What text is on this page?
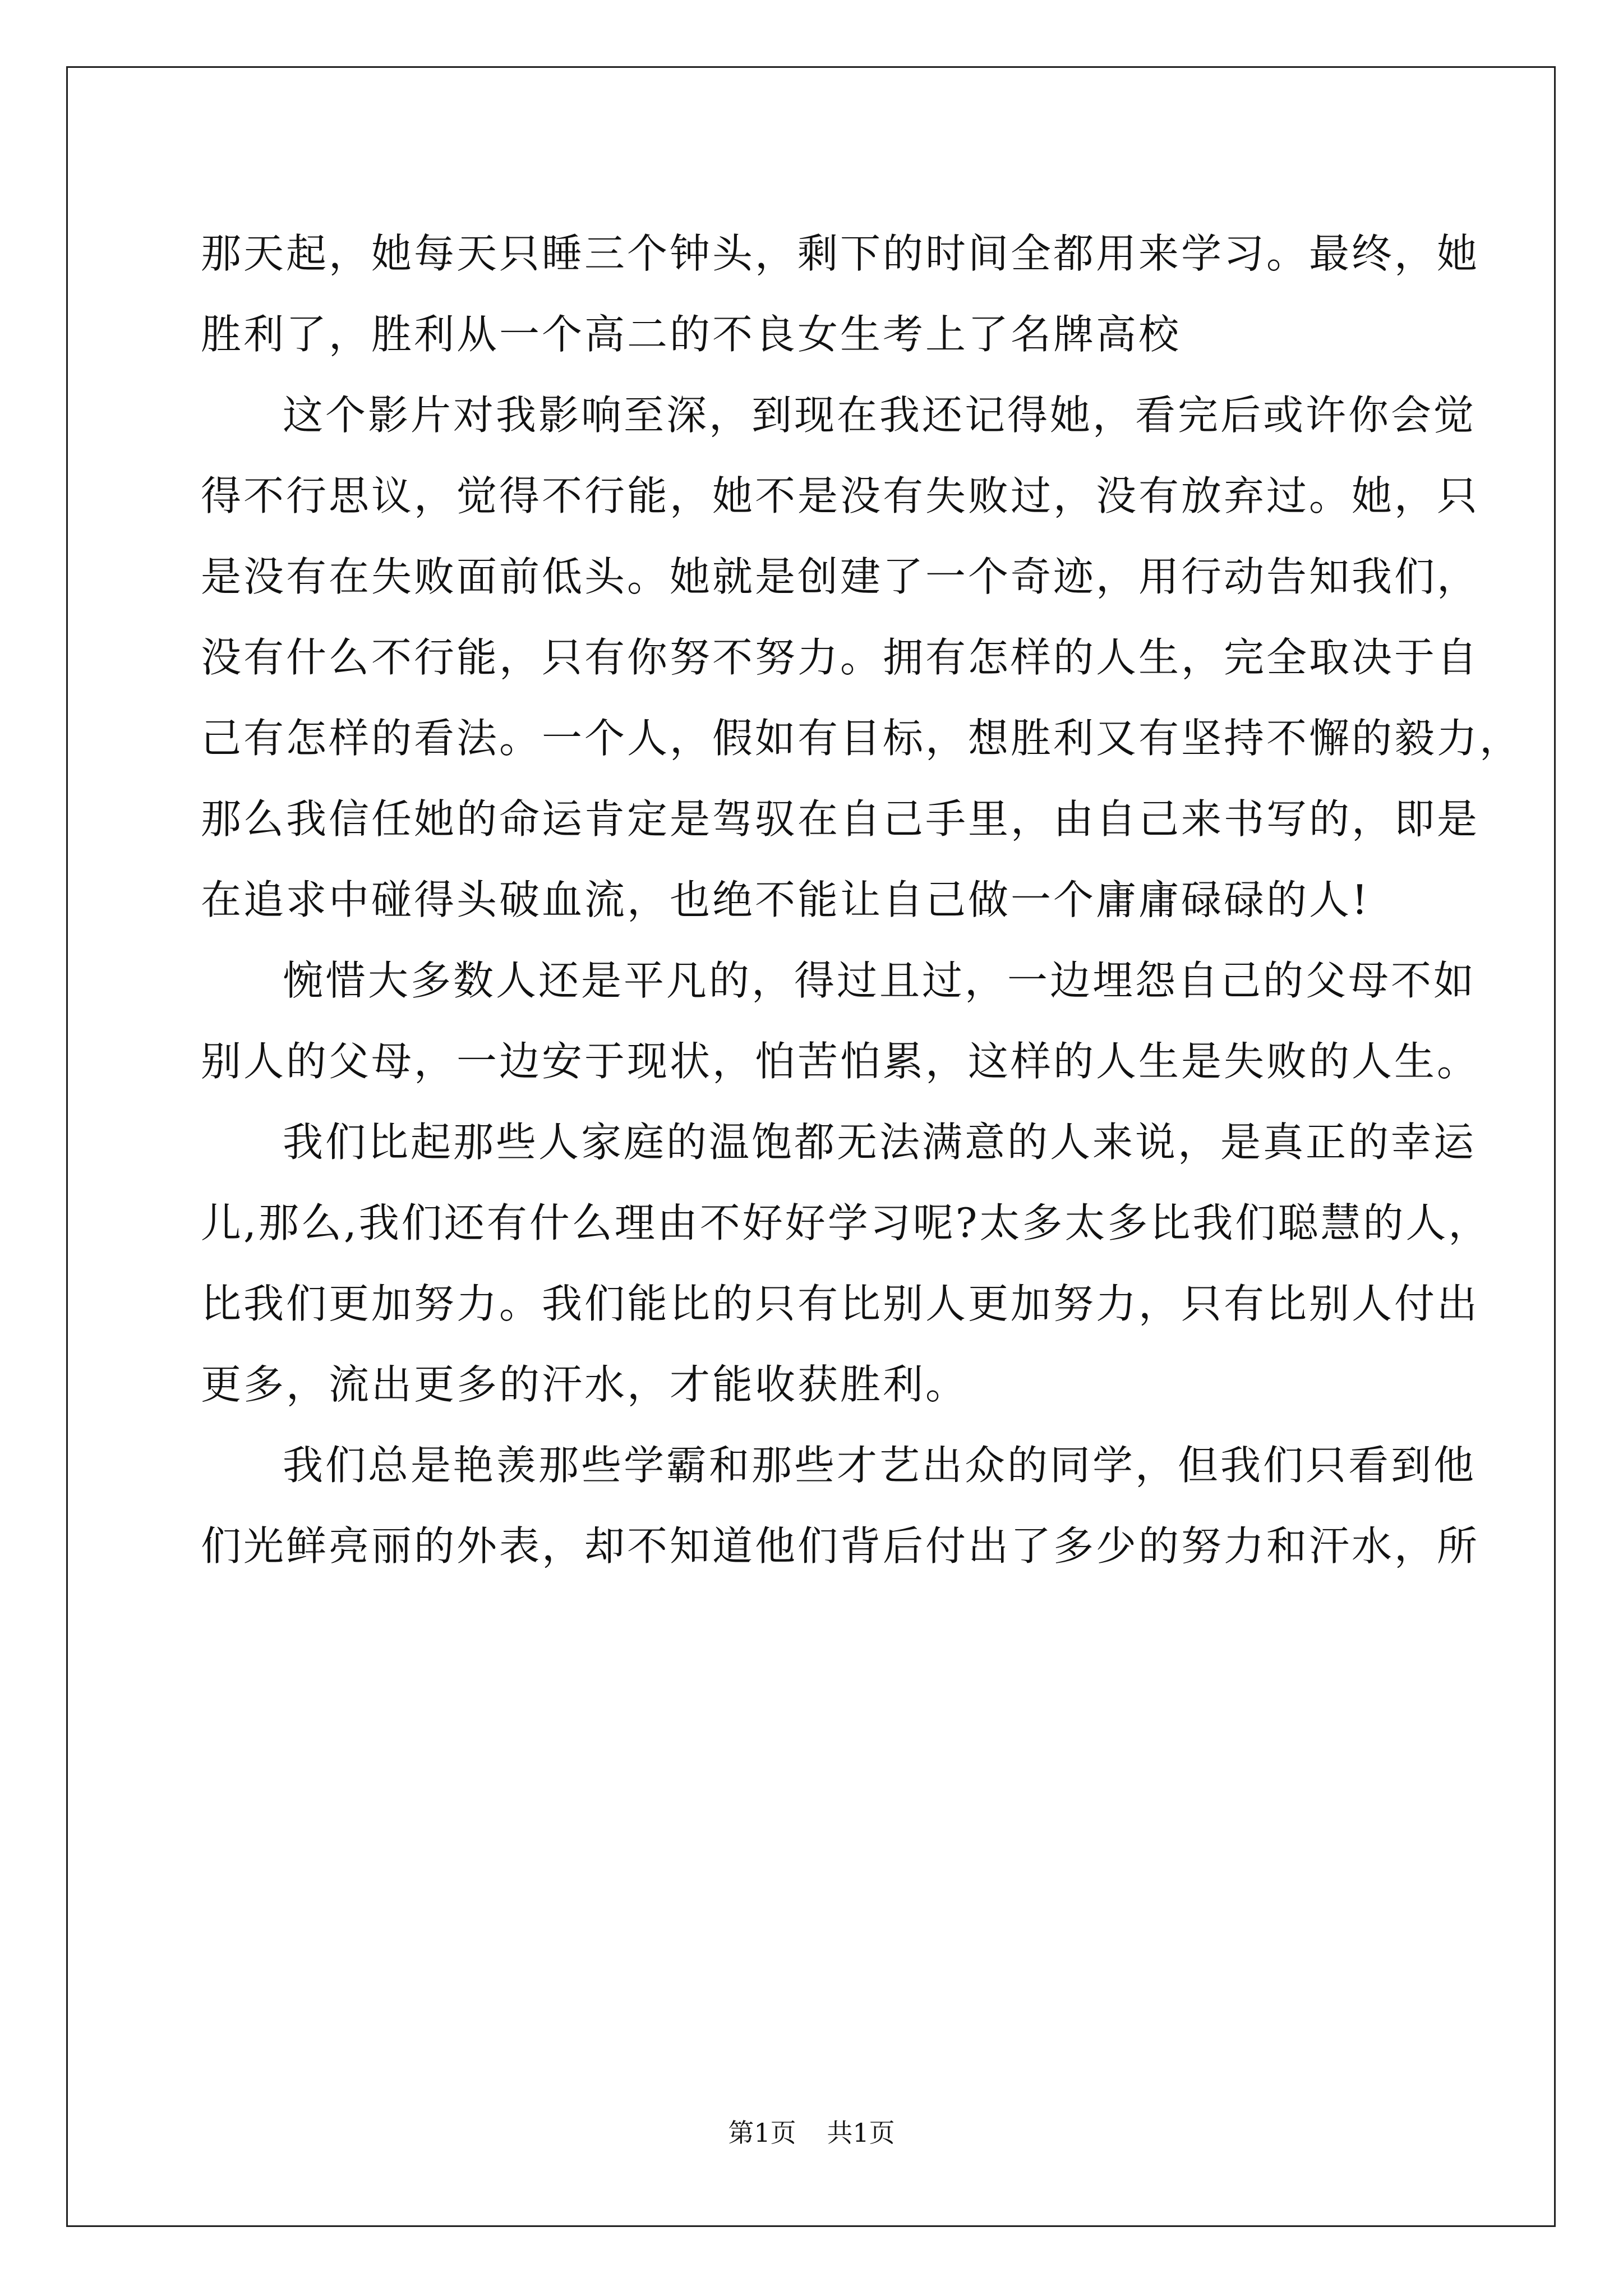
那天起，她每天只睡三个钟头，剩下的时间全都用来学习。最终，她
胜利了，胜利从一个高二的不良女生考上了名牌高校
这个影片对我影响至深，到现在我还记得她，看完后或许你会觉
得不行思议，觉得不行能，她不是没有失败过，没有放弃过。她，只
是没有在失败面前低头。她就是创建了一个奇迹，用行动告知我们，
没有什么不行能，只有你努不努力。拥有怎样的人生，完全取决于自
己有怎样的看法。一个人，假如有目标，想胜利又有坚持不懈的毅力，
那么我信任她的命运肯定是驾驭在自己手里，由自己来书写的，即是
在追求中碰得头破血流，也绝不能让自己做一个庸庸碌碌的人!
惋惜大多数人还是平凡的，得过且过，一边埋怨自己的父母不如
别人的父母，一边安于现状，怕苦怕累，这样的人生是失败的人生。
我们比起那些人家庭的温饱都无法满意的人来说，是真正的幸运
儿,那么,我们还有什么理由不好好学习呢?太多太多比我们聪慧的人，
比我们更加努力。我们能比的只有比别人更加努力，只有比别人付出
更多，流出更多的汗水，才能收获胜利。
我们总是艳羡那些学霸和那些才艺出众的同学，但我们只看到他
们光鲜亮丽的外表，却不知道他们背后付出了多少的努力和汗水，所
第1页 共1页
